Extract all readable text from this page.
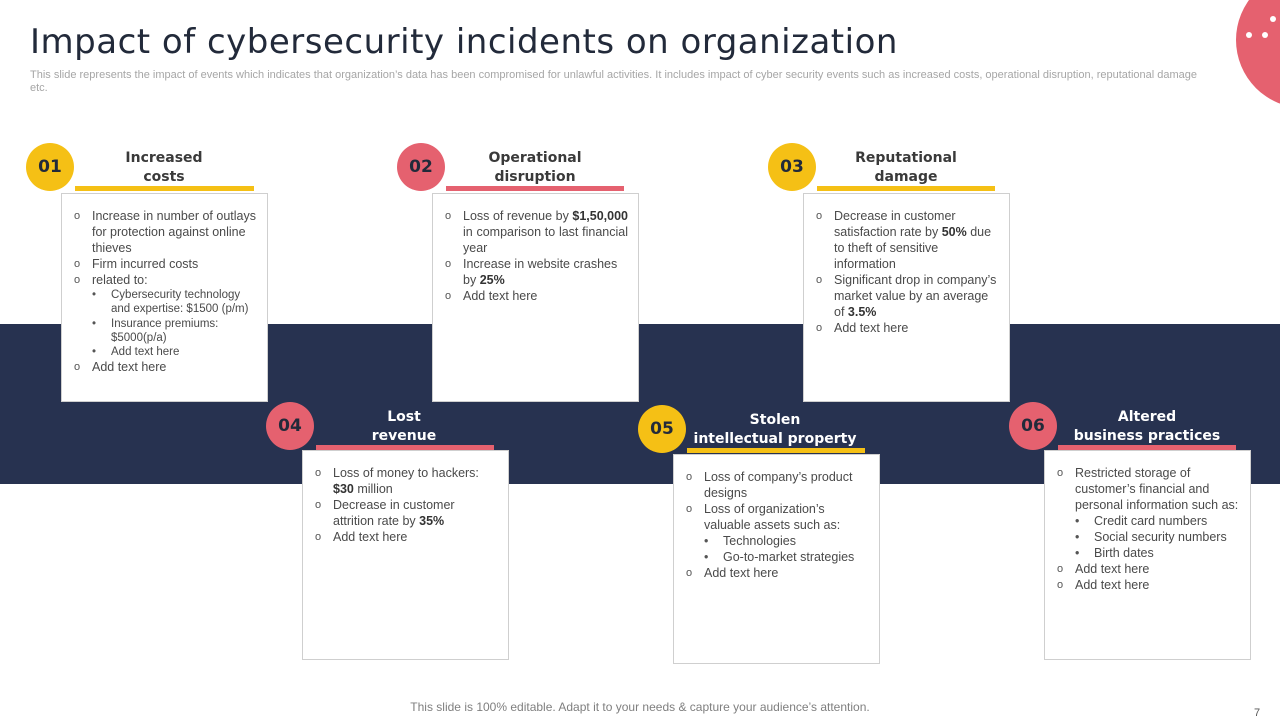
Impact of cybersecurity incidents on organization

This slide represents the impact of events which indicates that organization’s data has been compromised for unlawful activities. It includes impact of cyber security events such as increased costs, operational disruption, reputational damage etc.

01	Increased
costs
o Increase in number of outlays for protection against online thieves
o Firm incurred costs
o related to:
• Cybersecurity technology and expertise: $1500 (p/m)
• Insurance premiums: $5000(p/a)
• Add text here
o Add text here
02	Operational
disruption
o Loss of revenue by $1,50,000 in comparison to last financial year
o Increase in website crashes by 25%
o Add text here
03	Reputational
damage
o Decrease in customer satisfaction rate by 50% due to theft of sensitive information
o Significant drop in company’s market value by an average of 3.5%
o Add text here
04	Lost
revenue
o Loss of money to hackers: $30 million
o Decrease in customer attrition rate by 35%
o Add text here
05	Stolen
intellectual property
o Loss of company’s product designs
o Loss of organization’s valuable assets such as:
• Technologies
• Go-to-market strategies
o Add text here
06	Altered
business practices
o Restricted storage of customer’s financial and personal information such as:
• Credit card numbers
• Social security numbers
• Birth dates
o Add text here
o Add text here
This slide is 100% editable. Adapt it to your needs & capture your audience’s attention.	7
